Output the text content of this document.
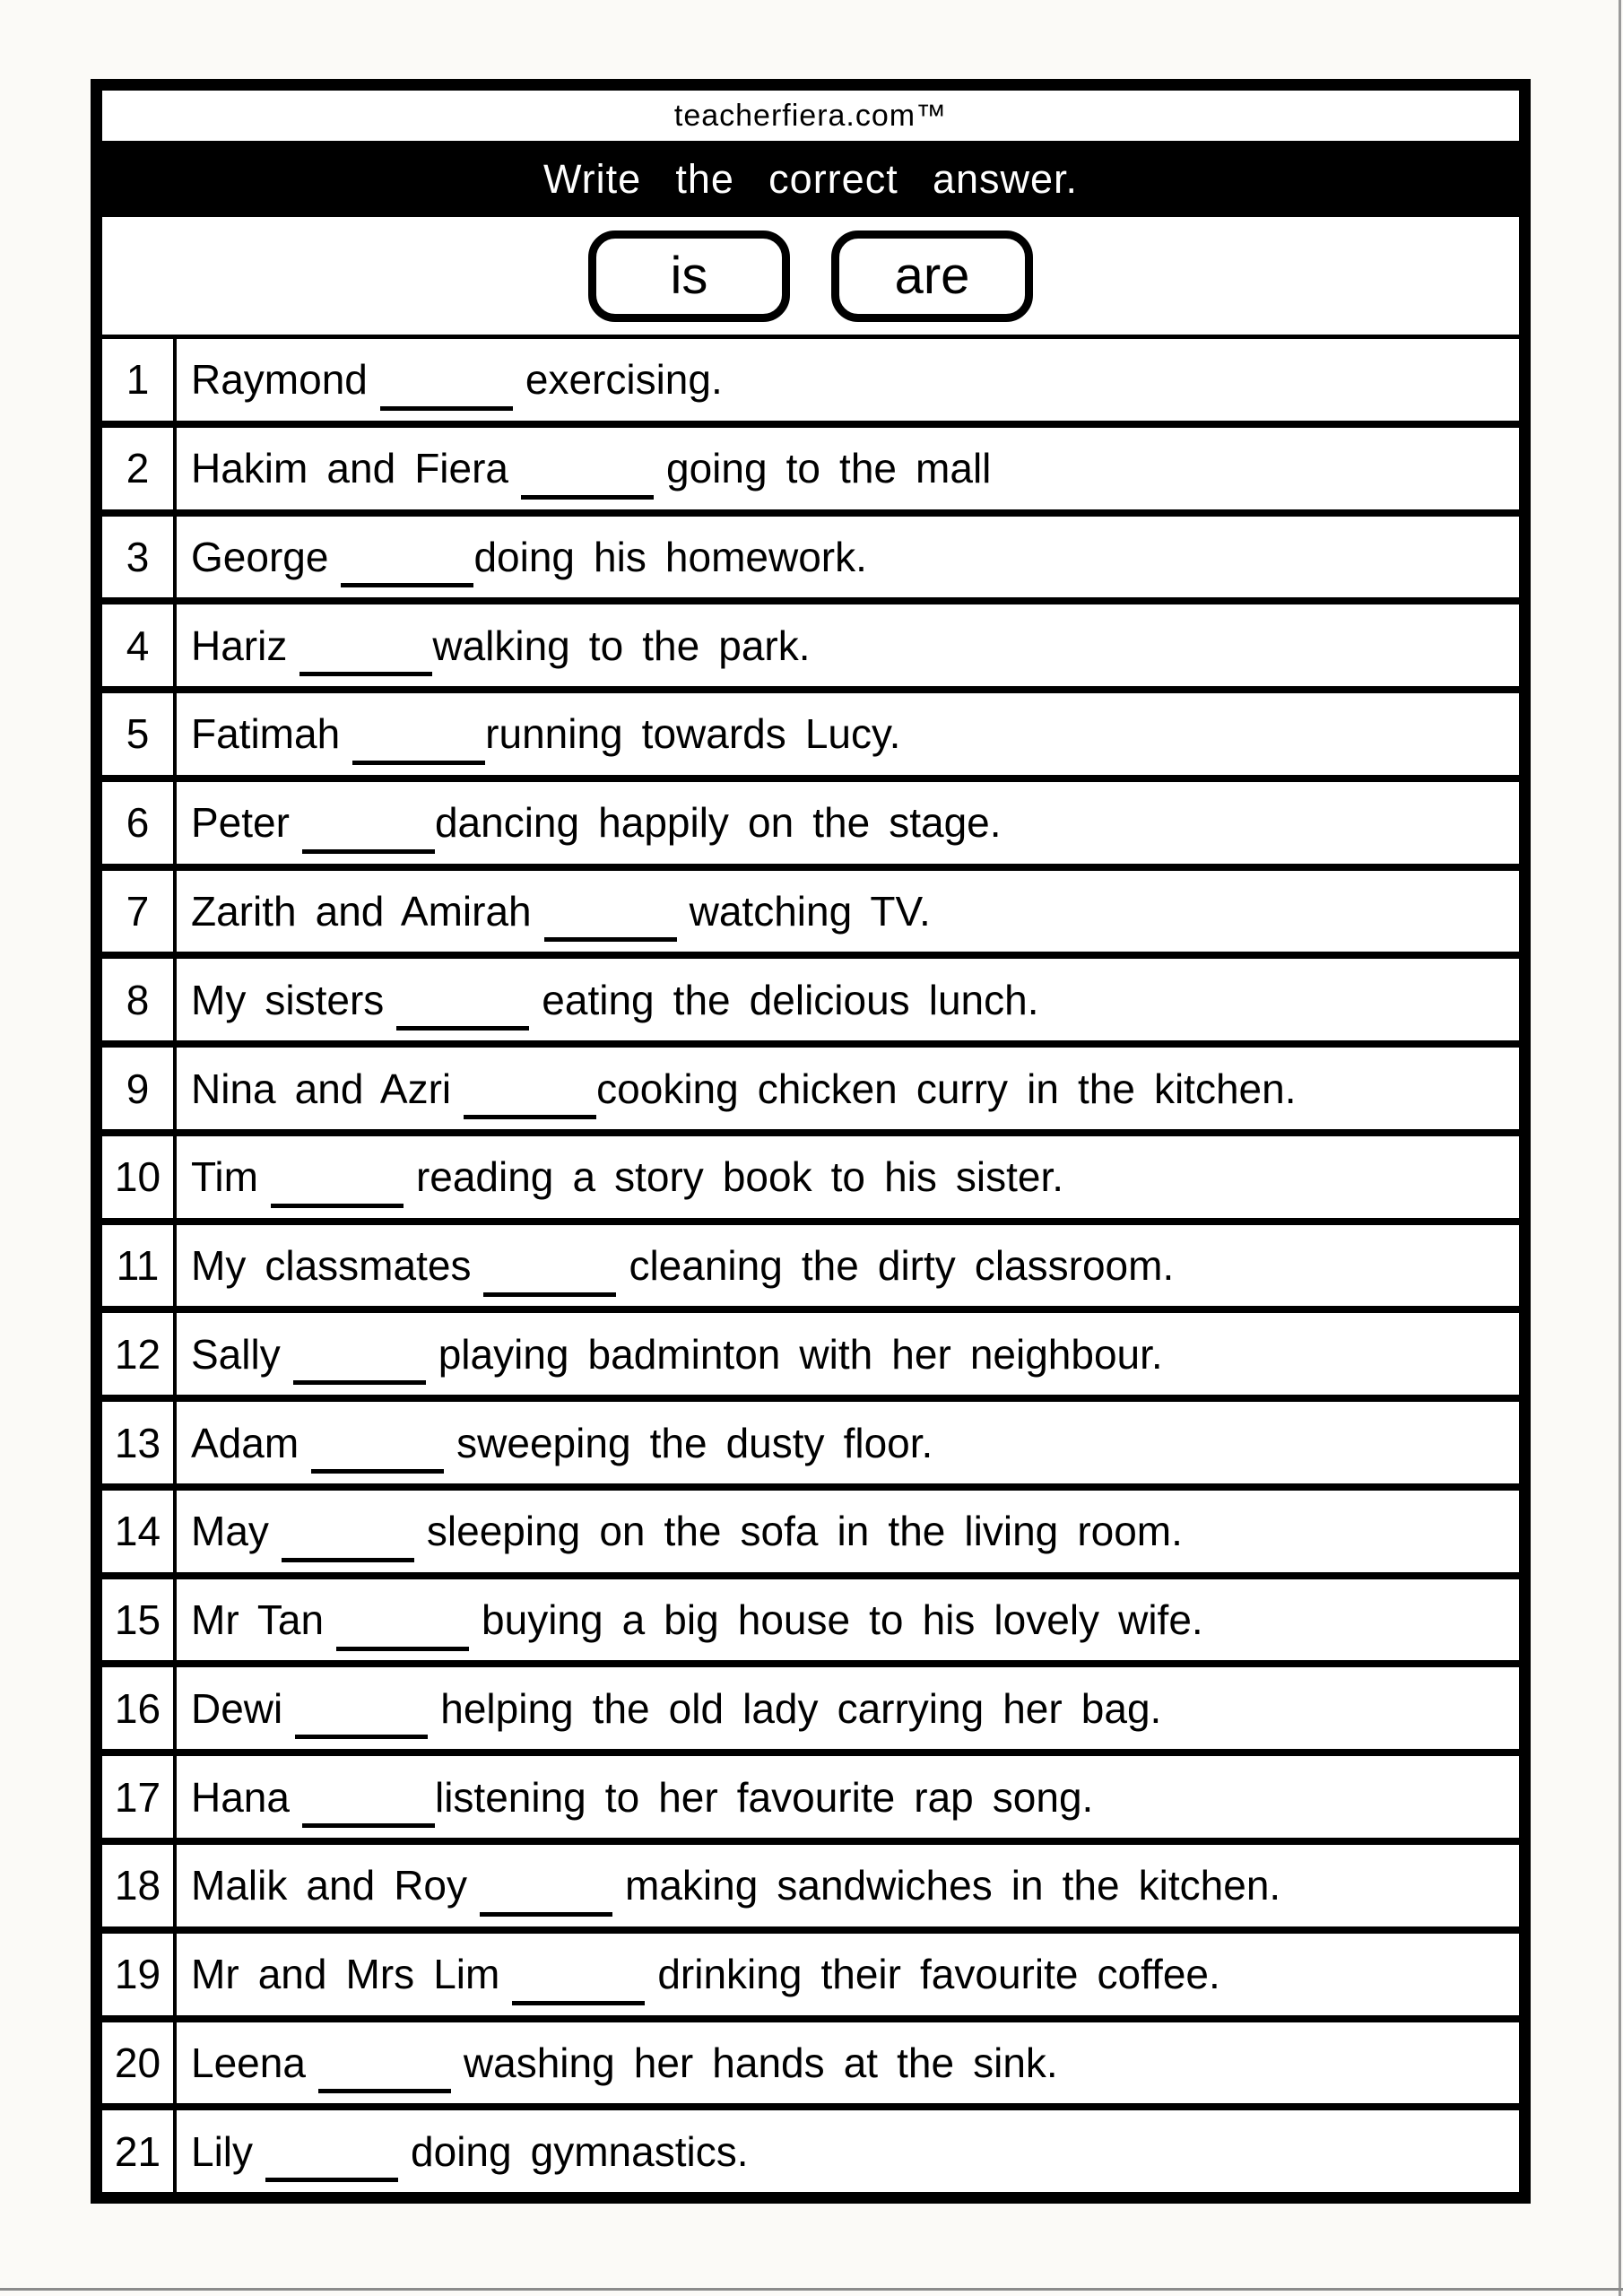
teacherfiera.com™
Write the correct answer.
is	are
1	Raymond	exercising.
2	Hakim and Fiera	going to the mall
3	George	doing his homework.
4	Hariz	walking to the park.
5	Fatimah	running towards Lucy.
6	Peter	dancing happily on the stage.
7	Zarith and Amirah	watching TV.
8	My sisters	eating the delicious lunch.
9	Nina and Azri	cooking chicken curry in the kitchen.
10 Tim	reading a story book to his sister.
11 My classmates	cleaning the dirty classroom.
12 Sally	playing badminton with her neighbour.
13 Adam	sweeping the dusty floor.
14 May	sleeping on the sofa in the living room.
15 Mr Tan	buying a big house to his lovely wife.
16 Dewi	helping the old lady carrying her bag.
17 Hana	listening to her favourite rap song.
18 Malik and Roy	making sandwiches in the kitchen.
19 Mr and Mrs Lim	drinking their favourite coffee.
20 Leena	washing her hands at the sink.
21 Lily	doing gymnastics.
